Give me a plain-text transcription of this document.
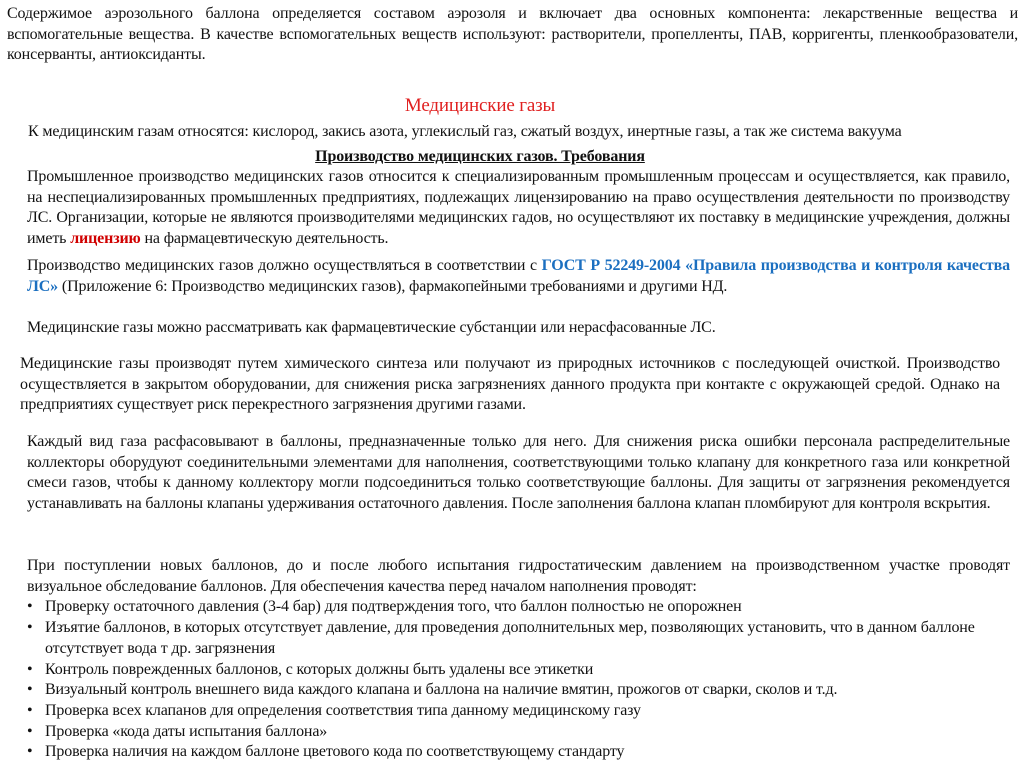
Содержимое аэрозольного баллона определяется составом аэрозоля и включает два основных компонента: лекарственные вещества и вспомогательные вещества. В качестве вспомогательных веществ используют: растворители, пропелленты, ПАВ, корригенты, пленкообразователи, консерванты, антиоксиданты.

Медицинские газы
К медицинским газам относятся: кислород, закись азота, углекислый газ, сжатый воздух, инертные газы, а так же система вакуума
Производство медицинских газов. Требования

Промышленное производство медицинских газов относится к специализированным промышленным процессам и осуществляется, как правило, на неспециализированных промышленных предприятиях, подлежащих лицензированию на право осуществления деятельности по производству ЛС. Организации, которые не являются производителями медицинских гадов, но осуществляют их поставку в медицинские учреждения, должны иметь лицензию на фармацевтическую деятельность.

Производство медицинских газов должно осуществляться в соответствии с ГОСТ Р 52249-2004 «Правила производства и контроля качества ЛС» (Приложение 6: Производство медицинских газов), фармакопейными требованиями и другими НД.

Медицинские газы можно рассматривать как фармацевтические субстанции или нерасфасованные ЛС.
Медицинские газы производят путем химического синтеза или получают из природных источников с последующей очисткой. Производство осуществляется в закрытом оборудовании, для снижения риска загрязнениях данного продукта при контакте с окружающей средой. Однако на предприятиях существует риск перекрестного загрязнения другими газами.
Каждый вид газа расфасовывают в баллоны, предназначенные только для него. Для снижения риска ошибки персонала распределительные коллекторы оборудуют соединительными элементами для наполнения, соответствующими только клапану для конкретного газа или конкретной смеси газов, чтобы к данному коллектору могли подсоединиться только соответствующие баллоны. Для защиты от загрязнения рекомендуется устанавливать на баллоны клапаны удерживания остаточного давления. После заполнения баллона клапан пломбируют для контроля вскрытия.

При поступлении новых баллонов, до и после любого испытания гидростатическим давлением на производственном участке проводят визуальное обследование баллонов. Для обеспечения качества перед началом наполнения проводят:

• Проверку остаточного давления (3-4 бар) для подтверждения того, что баллон полностью не опорожнен
• Изъятие баллонов, в которых отсутствует давление, для проведения дополнительных мер, позволяющих установить, что в данном баллоне отсутствует вода т др. загрязнения
• Контроль поврежденных баллонов, с которых должны быть удалены все этикетки
• Визуальный контроль внешнего вида каждого клапана и баллона на наличие вмятин, прожогов от сварки, сколов и т.д.
• Проверка всех клапанов для определения соответствия типа данному медицинскому газу
• Проверка «кода даты испытания баллона»
• Проверка наличия на каждом баллоне цветового кода по соответствующему стандарту
